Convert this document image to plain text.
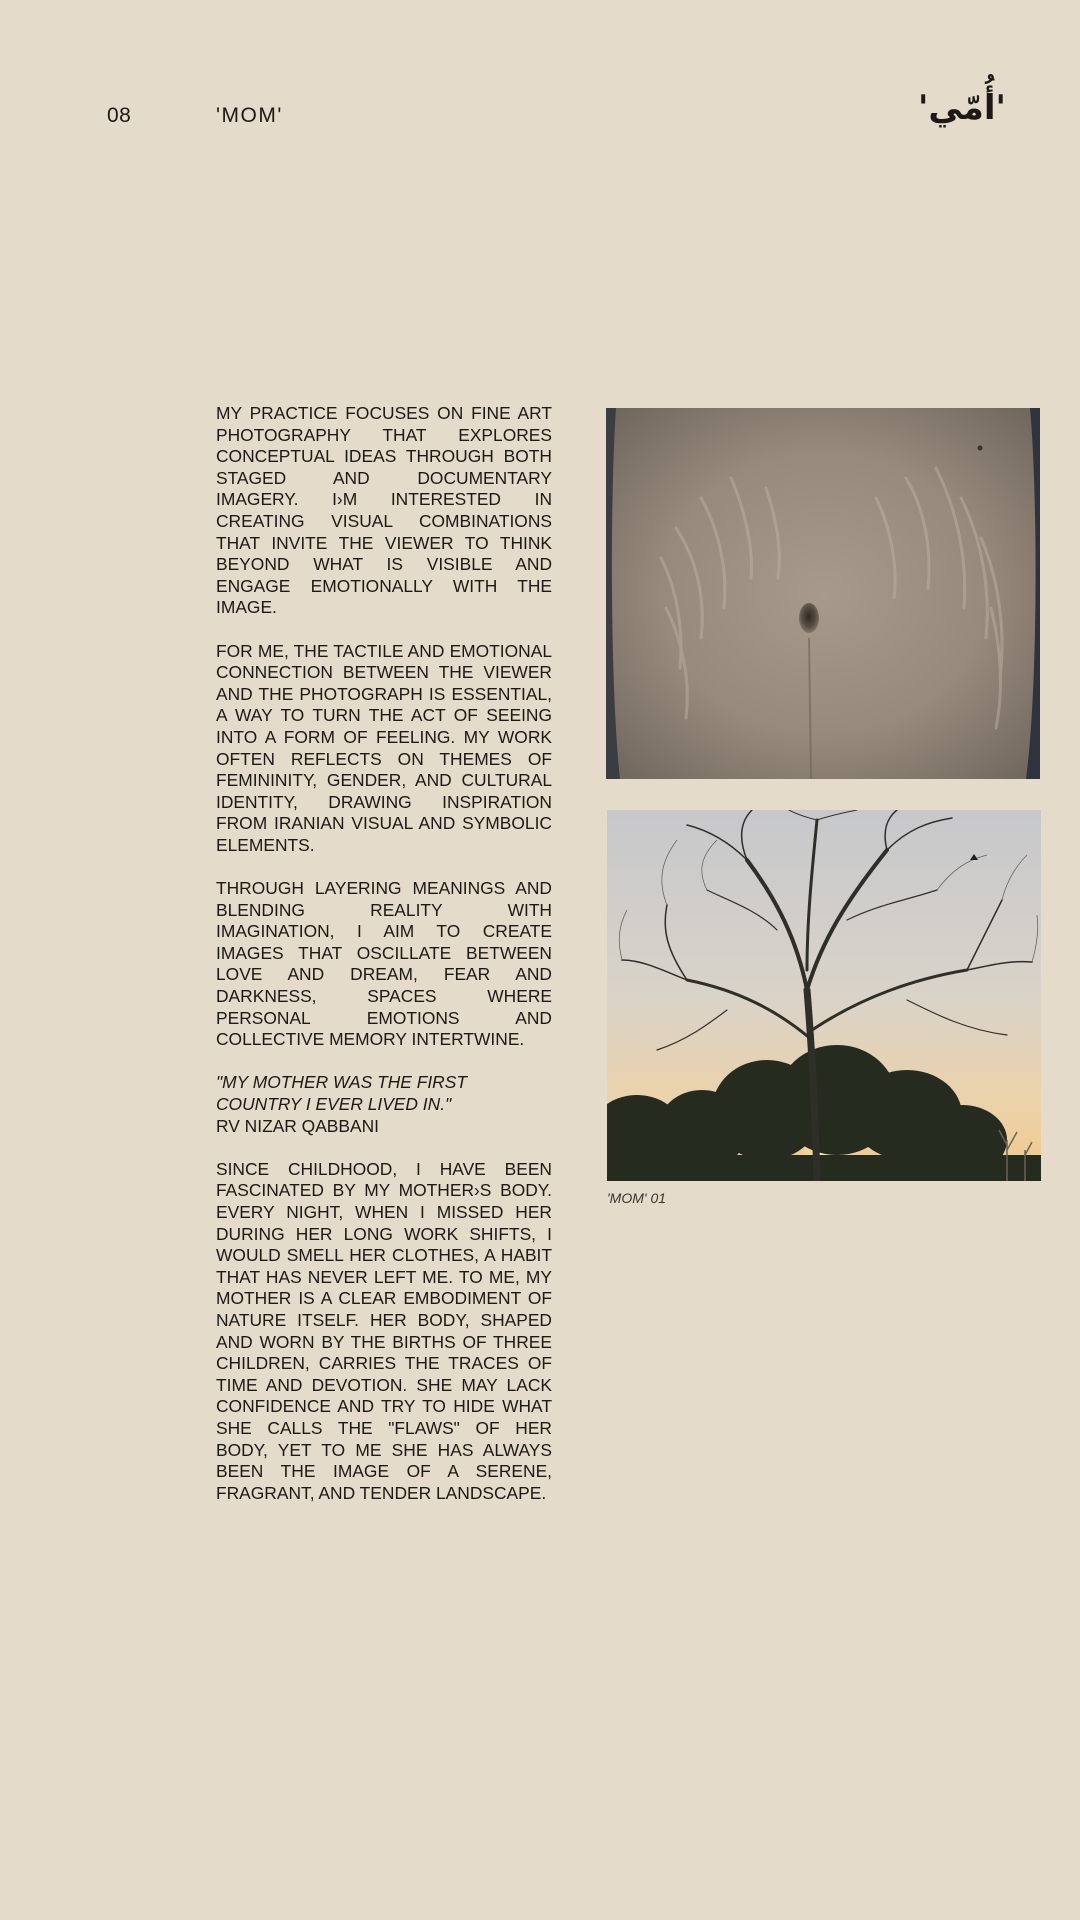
08	'MOM'	'أُمّي'

MY PRACTICE FOCUSES ON FINE ART PHOTOGRAPHY THAT EXPLORES CONCEPTUAL IDEAS THROUGH BOTH STAGED AND DOCUMENTARY IMAGERY. I›M INTERESTED IN CREATING VISUAL COMBINATIONS THAT INVITE THE VIEWER TO THINK BEYOND WHAT IS VISIBLE AND ENGAGE EMOTIONALLY WITH THE IMAGE.

FOR ME, THE TACTILE AND EMOTIONAL CONNECTION BETWEEN THE VIEWER AND THE PHOTOGRAPH IS ESSENTIAL, A WAY TO TURN THE ACT OF SEEING INTO A FORM OF FEELING. MY WORK OFTEN REFLECTS ON THEMES OF FEMININITY, GENDER, AND CULTURAL IDENTITY, DRAWING INSPIRATION FROM IRANIAN VISUAL AND SYMBOLIC ELEMENTS.

THROUGH LAYERING MEANINGS AND BLENDING REALITY WITH IMAGINATION, I AIM TO CREATE IMAGES THAT OSCILLATE BETWEEN LOVE AND DREAM, FEAR AND DARKNESS, SPACES WHERE PERSONAL EMOTIONS AND COLLECTIVE MEMORY INTERTWINE.

"MY MOTHER WAS THE FIRST COUNTRY I EVER LIVED IN."

RV NIZAR QABBANI

SINCE CHILDHOOD, I HAVE BEEN FASCINATED BY MY MOTHER›S BODY. EVERY NIGHT, WHEN I MISSED HER DURING HER LONG WORK SHIFTS, I WOULD SMELL HER CLOTHES, A HABIT THAT HAS NEVER LEFT ME. TO ME, MY MOTHER IS A CLEAR EMBODIMENT OF NATURE ITSELF. HER BODY, SHAPED AND WORN BY THE BIRTHS OF THREE CHILDREN, CARRIES THE TRACES OF TIME AND DEVOTION. SHE MAY LACK CONFIDENCE AND TRY TO HIDE WHAT SHE CALLS THE "FLAWS" OF HER BODY, YET TO ME SHE HAS ALWAYS BEEN THE IMAGE OF A SERENE, FRAGRANT, AND TENDER LANDSCAPE.

'MOM' 01
